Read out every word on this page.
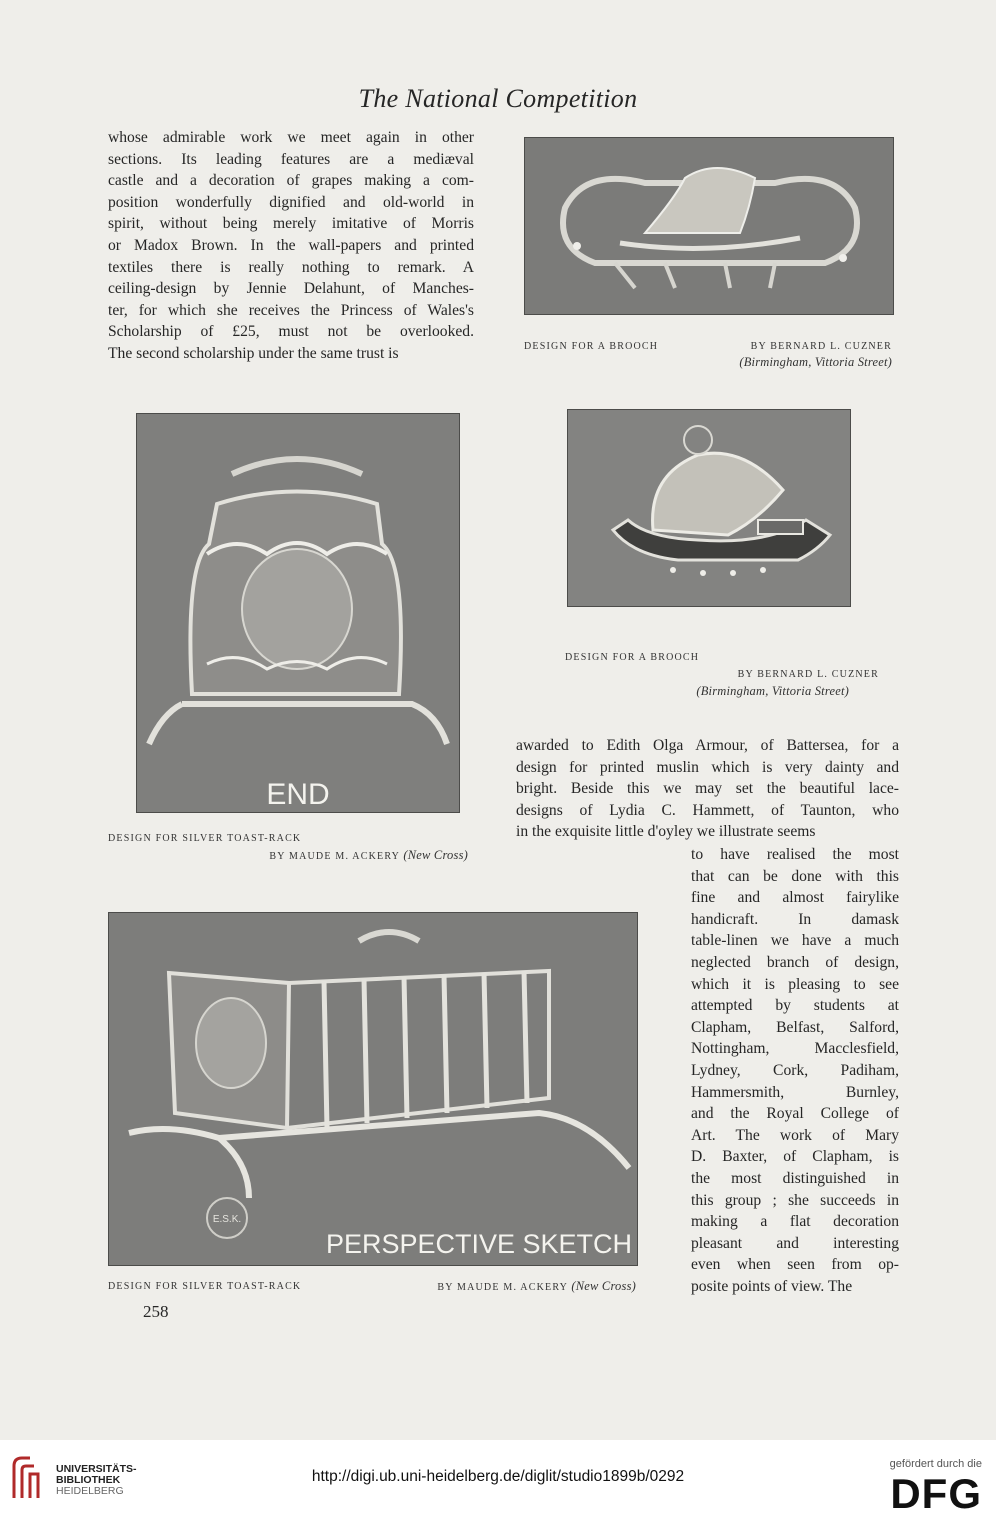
The National Competition
whose admirable work we meet again in other
sections. Its leading features are a mediæval
castle and a decoration of grapes making a com-
position wonderfully dignified and old-world in
spirit, without being merely imitative of Morris
or Madox Brown. In the wall-papers and printed
textiles there is really nothing to remark. A
ceiling-design by Jennie Delahunt, of Manches-
ter, for which she receives the Princess of Wales's
Scholarship of £25, must not be overlooked.
The second scholarship under the same trust is	DESIGN FOR A BROOCH	BY BERNARD L. CUZNER
(Birmingham, Vittoria Street)
END
DESIGN FOR SILVER TOAST-RACK
BY MAUDE M. ACKERY (New Cross)
DESIGN FOR A BROOCH
BY BERNARD L. CUZNER
(Birmingham, Vittoria Street)
awarded to Edith Olga Armour, of Battersea, for a
design for printed muslin which is very dainty and
bright. Beside this we may set the beautiful lace-
designs of Lydia C. Hammett, of Taunton, who
in the exquisite little d'oyley we illustrate seems
to have realised the most
that can be done with this
fine and almost fairylike
handicraft. In damask
table-linen we have a much
neglected branch of design,
which it is pleasing to see
attempted by students at
Clapham, Belfast, Salford,
Nottingham, Macclesfield,
Lydney, Cork, Padiham,
Hammersmith, Burnley,
and the Royal College of
Art. The work of Mary
D. Baxter, of Clapham, is
the most distinguished in
this group ; she succeeds in
making a flat decoration
pleasant and interesting
even when seen from op-
posite points of view. The
E.S.K.
PERSPECTIVE SKETCH
DESIGN FOR SILVER TOAST-RACK	BY MAUDE M. ACKERY (New Cross)
258
UNIVERSITÄTS-
BIBLIOTHEK
HEIDELBERG
http://digi.ub.uni-heidelberg.de/diglit/studio1899b/0292
gefördert durch die
DFG
